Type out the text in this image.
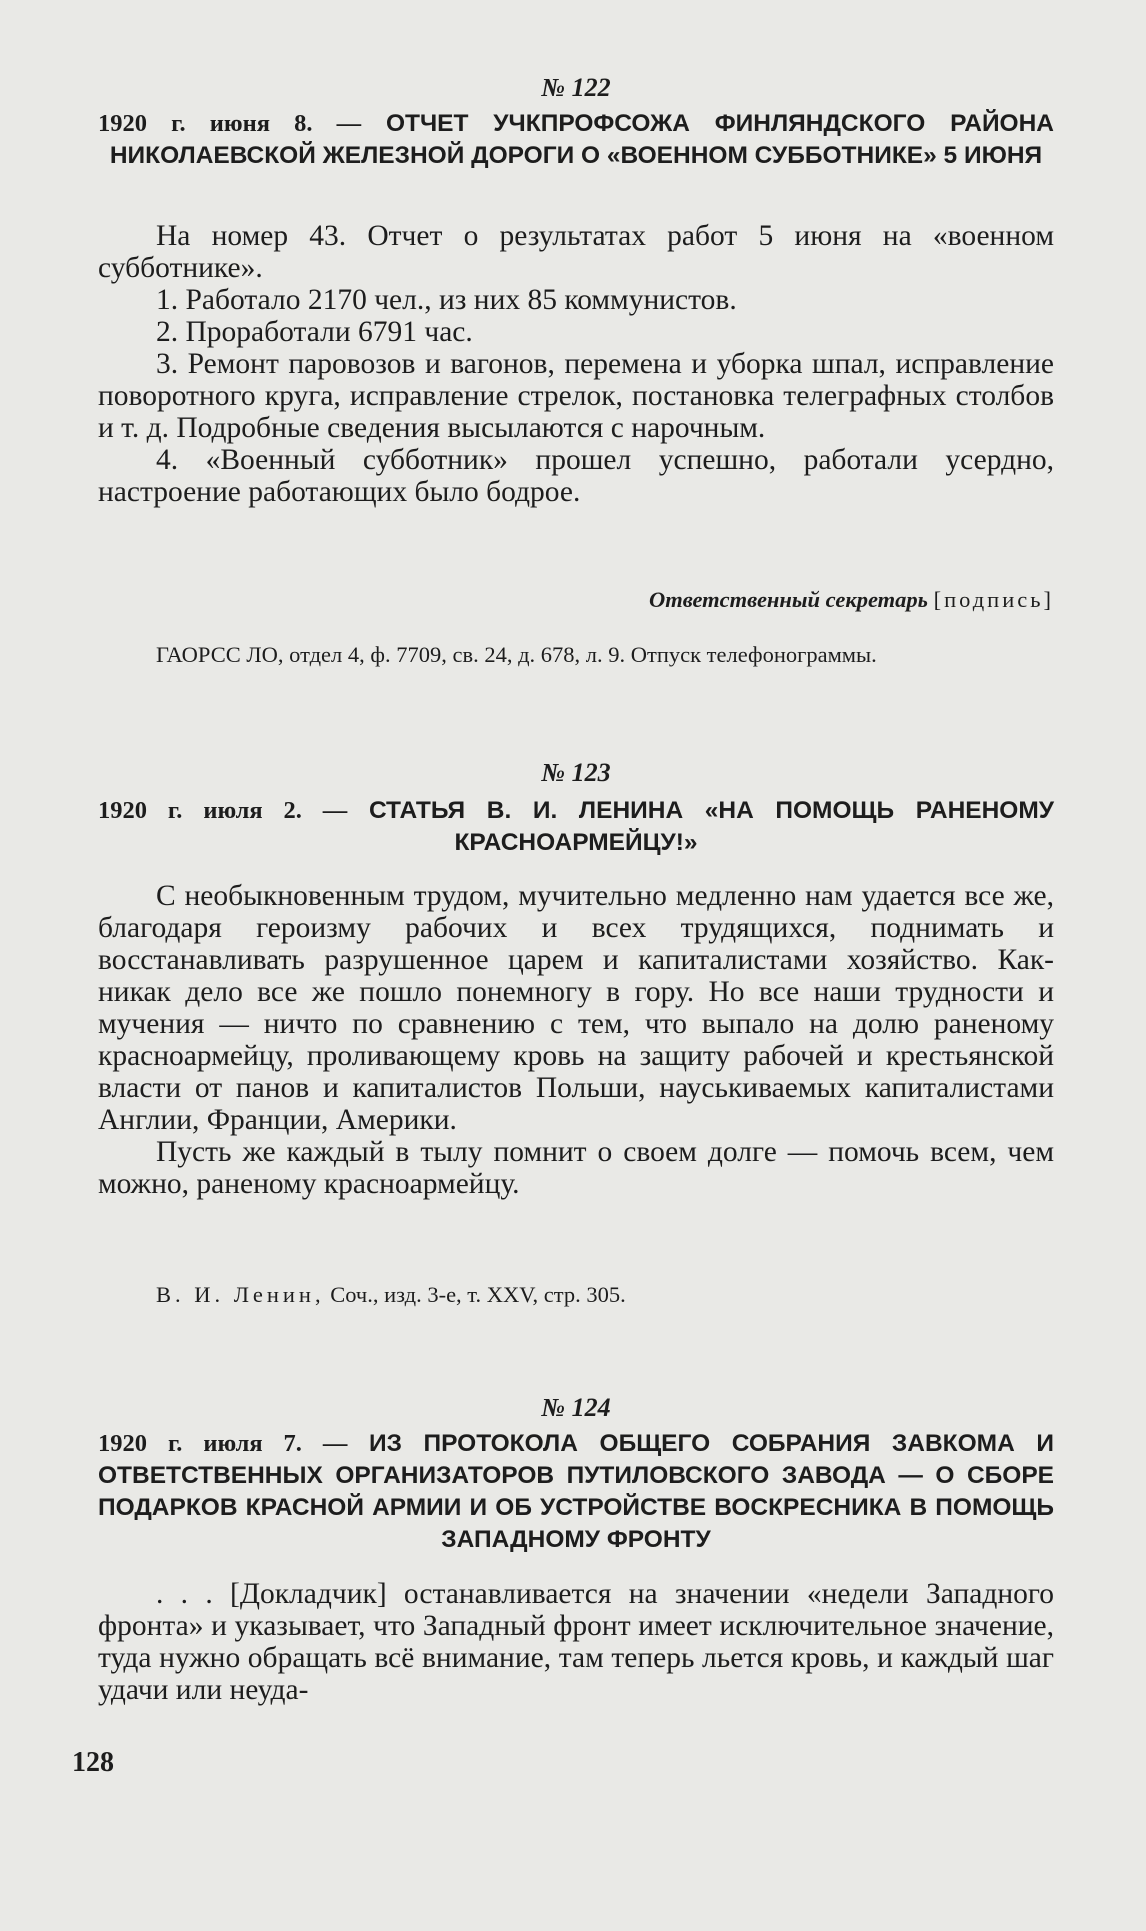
№ 122
1920 г. июня 8. — ОТЧЕТ УЧКПРОФСОЖА ФИНЛЯНДСКОГО РАЙОНА НИКОЛАЕВСКОЙ ЖЕЛЕЗНОЙ ДОРОГИ О «ВОЕННОМ СУББОТНИКЕ» 5 ИЮНЯ

На номер 43. Отчет о результатах работ 5 июня на «военном субботнике».

1. Работало 2170 чел., из них 85 коммунистов.

2. Проработали 6791 час.

3. Ремонт паровозов и вагонов, перемена и уборка шпал, исправление поворотного круга, исправление стрелок, постановка телеграфных столбов и т. д. Подробные сведения высылаются с нарочным.

4. «Военный субботник» прошел успешно, работали усердно, настроение работающих было бодрое.

Ответственный секретарь [подпись]
ГАОРСС ЛО, отдел 4, ф. 7709, св. 24, д. 678, л. 9. Отпуск телефонограммы.
№ 123
1920 г. июля 2. — СТАТЬЯ В. И. ЛЕНИНА «НА ПОМОЩЬ РАНЕНОМУ КРАСНОАРМЕЙЦУ!»

С необыкновенным трудом, мучительно медленно нам удается все же, благодаря героизму рабочих и всех трудящихся, поднимать и восстанавливать разрушенное царем и капиталистами хозяйство. Как-никак дело все же пошло понемногу в гору. Но все наши трудности и мучения — ничто по сравнению с тем, что выпало на долю раненому красноармейцу, проливающему кровь на защиту рабочей и крестьянской власти от панов и капиталистов Польши, науськиваемых капиталистами Англии, Франции, Америки.

Пусть же каждый в тылу помнит о своем долге — помочь всем, чем можно, раненому красноармейцу.

В. И. Ленин, Соч., изд. 3-е, т. XXV, стр. 305.
№ 124
1920 г. июля 7. — ИЗ ПРОТОКОЛА ОБЩЕГО СОБРАНИЯ ЗАВКОМА И ОТВЕТСТВЕННЫХ ОРГАНИЗАТОРОВ ПУТИЛОВСКОГО ЗАВОДА — О СБОРЕ ПОДАРКОВ КРАСНОЙ АРМИИ И ОБ УСТРОЙСТВЕ ВОСКРЕСНИКА В ПОМОЩЬ ЗАПАДНОМУ ФРОНТУ

. . . [Докладчик] останавливается на значении «недели Западного фронта» и указывает, что Западный фронт имеет исключительное значение, туда нужно обращать всё внимание, там теперь льется кровь, и каждый шаг удачи или неуда-

128
